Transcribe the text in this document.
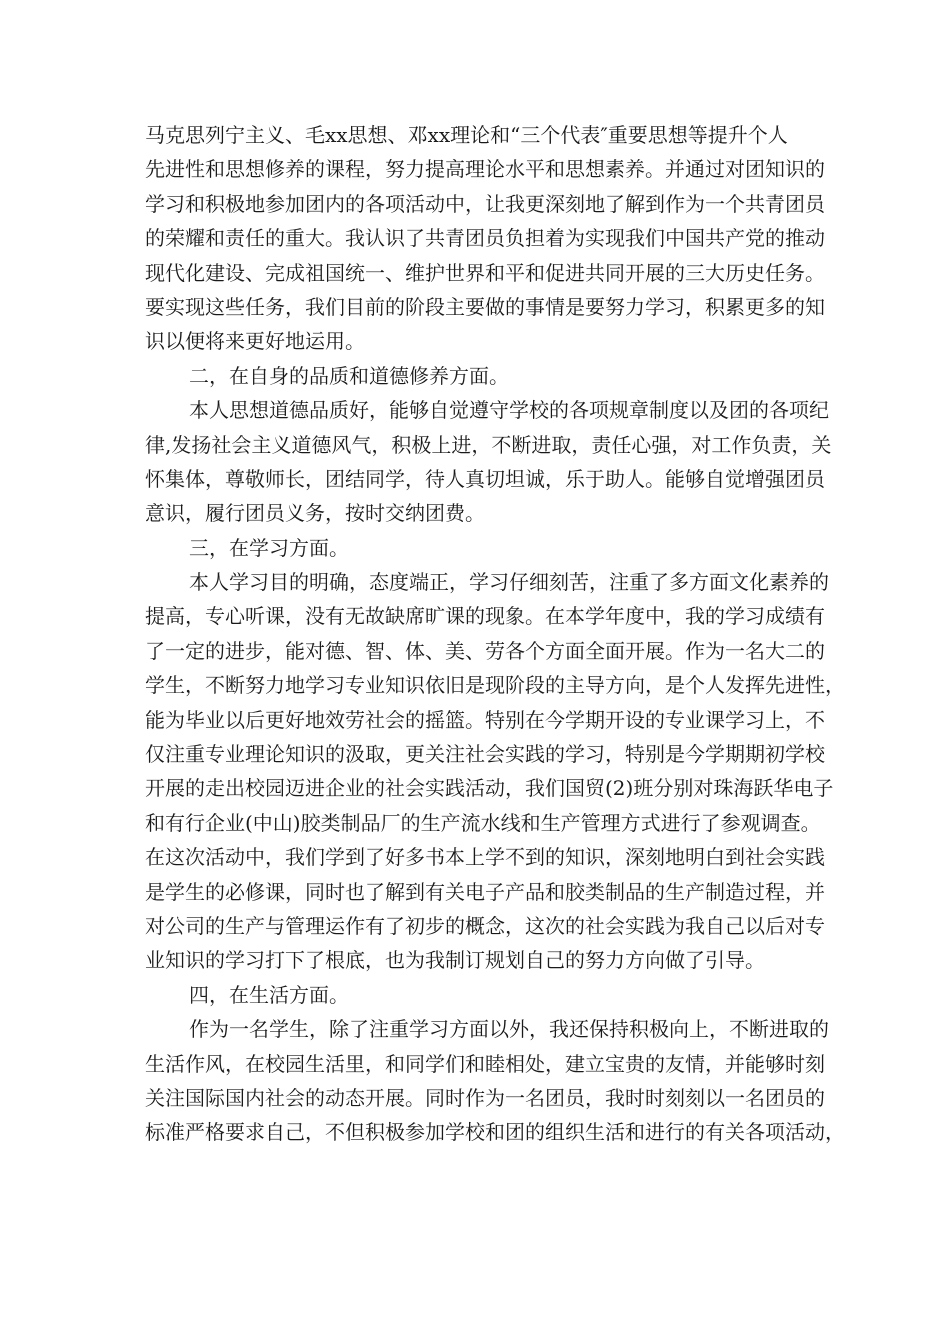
马克思列宁主义、毛xx思想、邓xx理论和“三个代表″重要思想等提升个人
先进性和思想修养的课程，努力提高理论水平和思想素养。并通过对团知识的
学习和积极地参加团内的各项活动中，让我更深刻地了解到作为一个共青团员
的荣耀和责任的重大。我认识了共青团员负担着为实现我们中国共产党的推动
现代化建设、完成祖国统一、维护世界和平和促进共同开展的三大历史任务。
要实现这些任务，我们目前的阶段主要做的事情是要努力学习，积累更多的知
识以便将来更好地运用。
二，在自身的品质和道德修养方面。
本人思想道德品质好，能够自觉遵守学校的各项规章制度以及团的各项纪
律,发扬社会主义道德风气，积极上进，不断进取，责任心强，对工作负责，关
怀集体，尊敬师长，团结同学，待人真切坦诚，乐于助人。能够自觉增强团员
意识，履行团员义务，按时交纳团费。
三，在学习方面。
本人学习目的明确，态度端正，学习仔细刻苦，注重了多方面文化素养的
提高，专心听课，没有无故缺席旷课的现象。在本学年度中，我的学习成绩有
了一定的进步，能对德、智、体、美、劳各个方面全面开展。作为一名大二的
学生，不断努力地学习专业知识依旧是现阶段的主导方向，是个人发挥先进性，
能为毕业以后更好地效劳社会的摇篮。特别在今学期开设的专业课学习上，不
仅注重专业理论知识的汲取，更关注社会实践的学习，特别是今学期期初学校
开展的走出校园迈进企业的社会实践活动，我们国贸(2)班分别对珠海跃华电子
和有行企业(中山)胶类制品厂的生产流水线和生产管理方式进行了参观调查。
在这次活动中，我们学到了好多书本上学不到的知识，深刻地明白到社会实践
是学生的必修课，同时也了解到有关电子产品和胶类制品的生产制造过程，并
对公司的生产与管理运作有了初步的概念，这次的社会实践为我自己以后对专
业知识的学习打下了根底，也为我制订规划自己的努力方向做了引导。
四，在生活方面。
作为一名学生，除了注重学习方面以外，我还保持积极向上，不断进取的
生活作风，在校园生活里，和同学们和睦相处，建立宝贵的友情，并能够时刻
关注国际国内社会的动态开展。同时作为一名团员，我时时刻刻以一名团员的
标准严格要求自己，不但积极参加学校和团的组织生活和进行的有关各项活动，
